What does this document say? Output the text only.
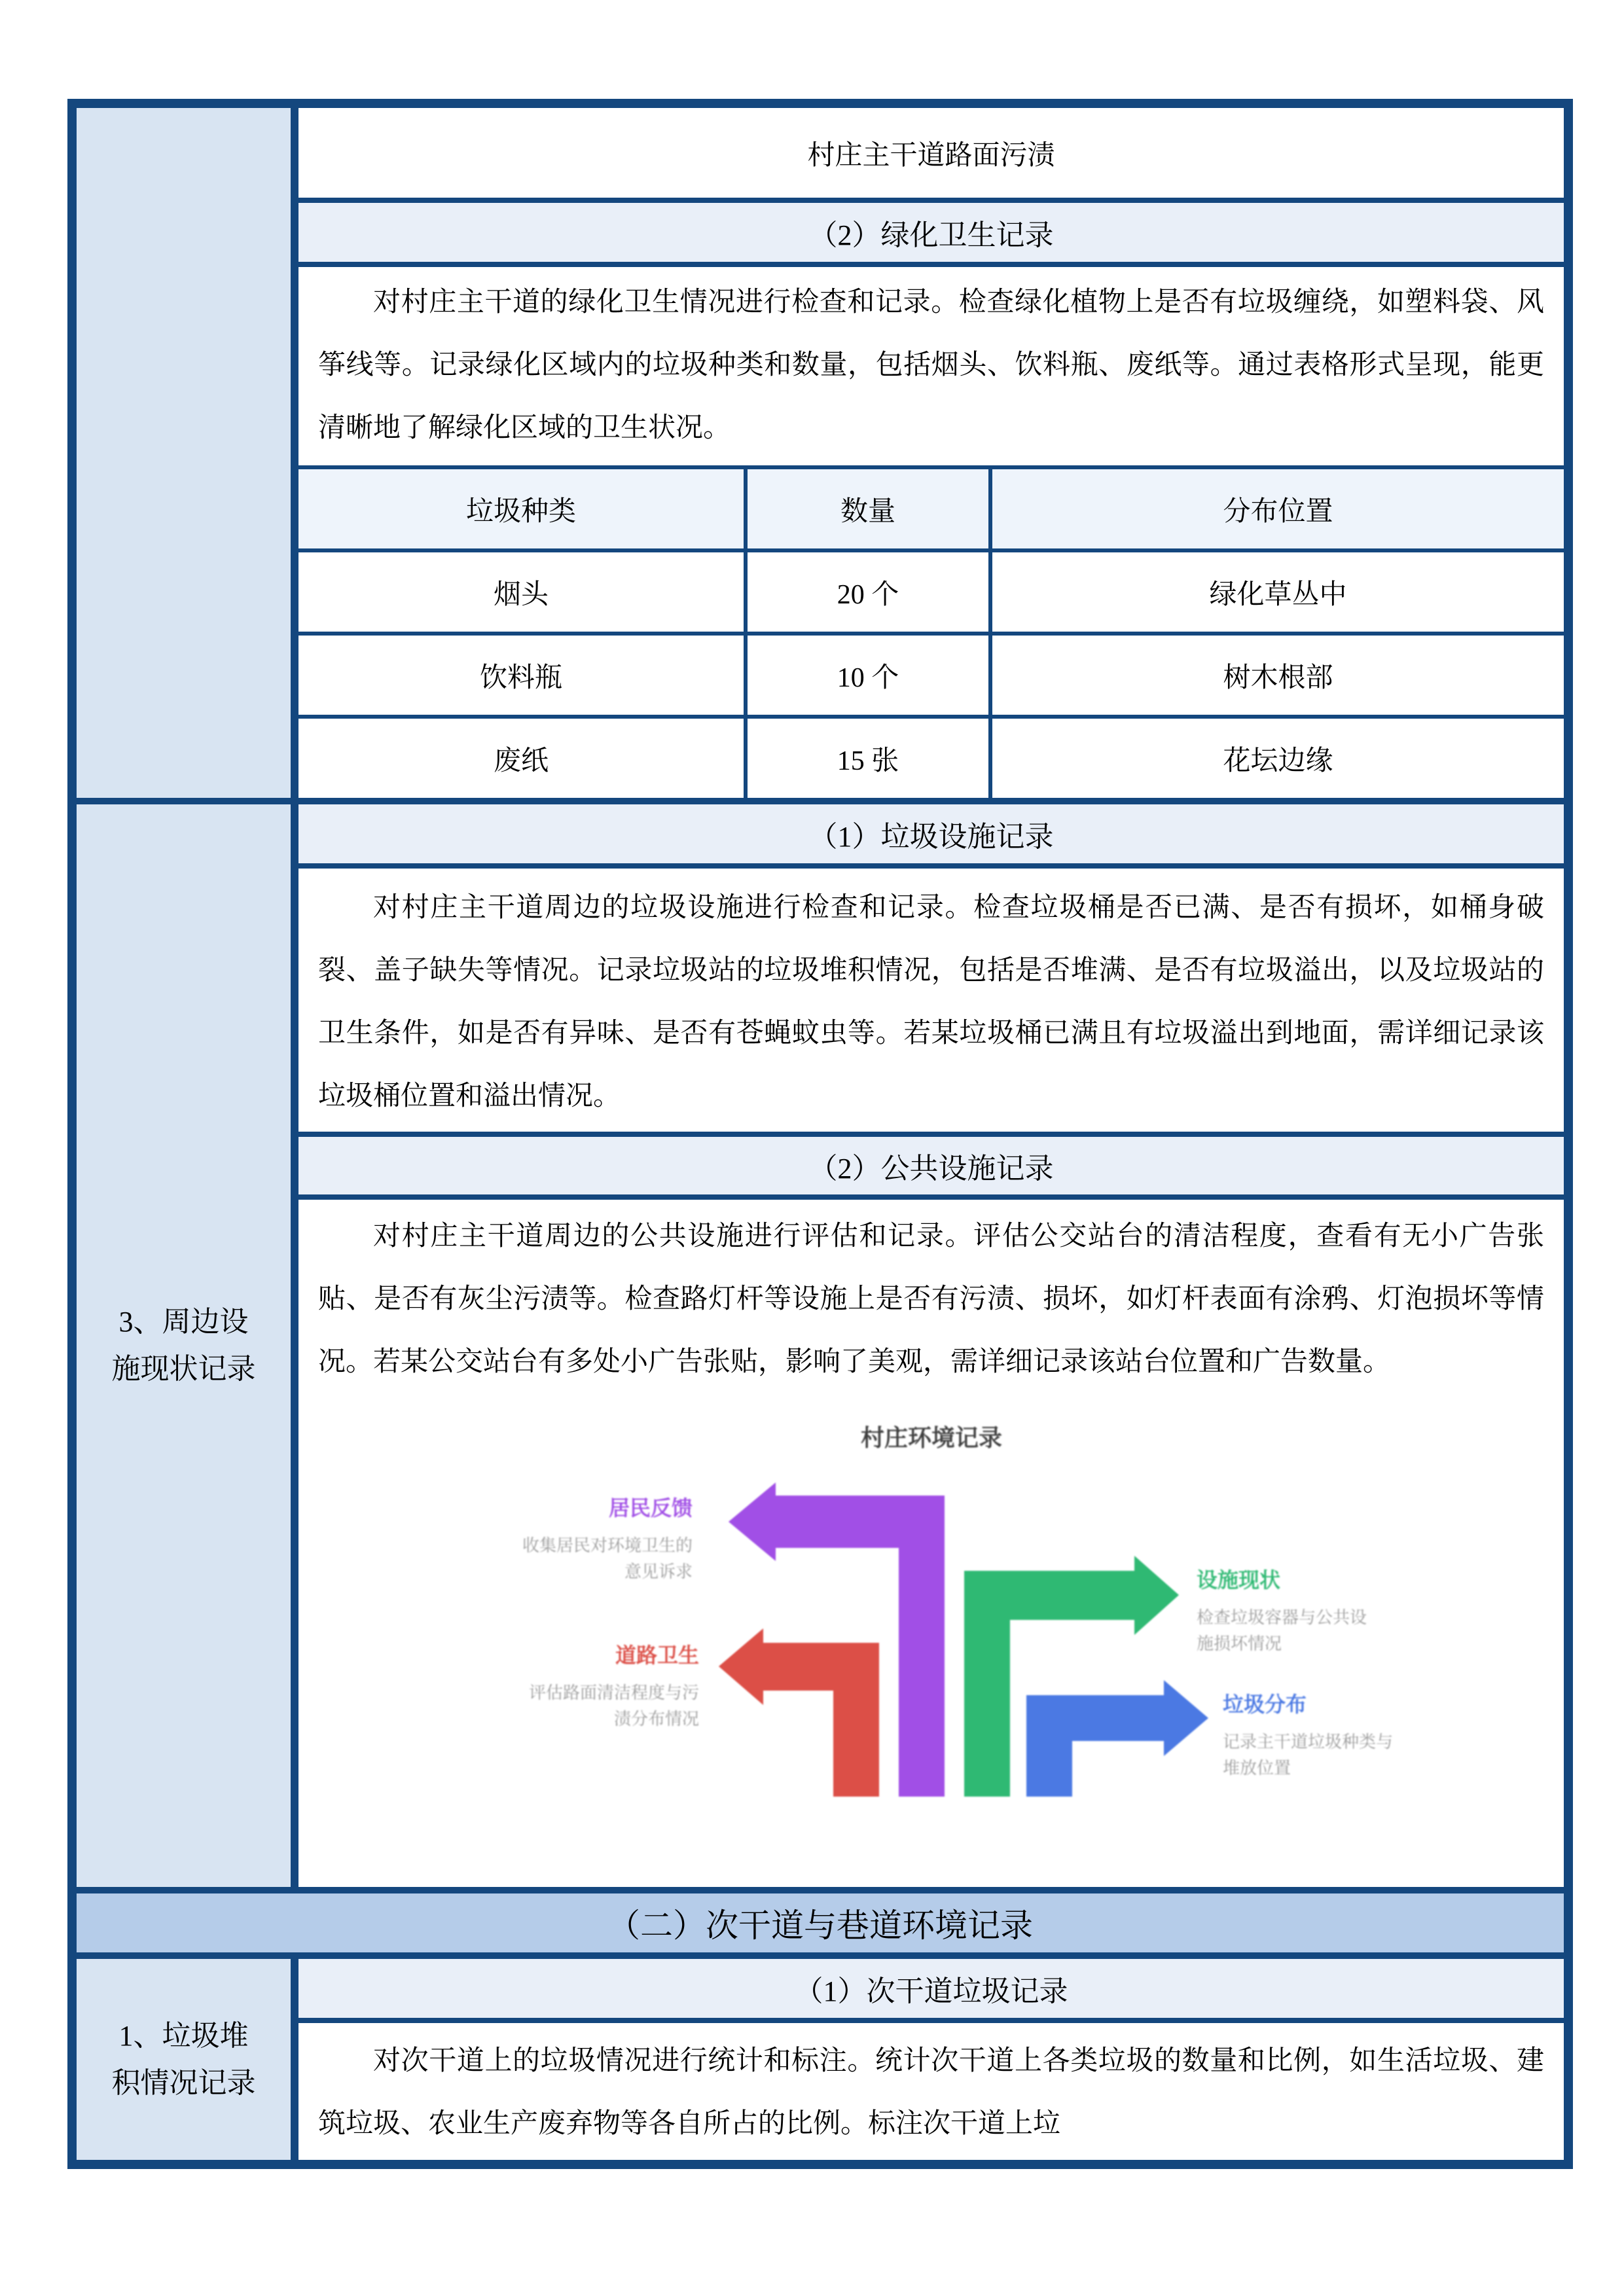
村庄主干道路面污渍
（2）绿化卫生记录

对村庄主干道的绿化卫生情况进行检查和记录。检查绿化植物上是否有垃圾缠绕，如塑料袋、风筝线等。记录绿化区域内的垃圾种类和数量，包括烟头、饮料瓶、废纸等。通过表格形式呈现，能更清晰地了解绿化区域的卫生状况。

垃圾种类	数量	分布位置
烟头	20 个	绿化草丛中
饮料瓶	10 个	树木根部
废纸	15 张	花坛边缘
3、周边设
施现状记录
（1）垃圾设施记录

对村庄主干道周边的垃圾设施进行检查和记录。检查垃圾桶是否已满、是否有损坏，如桶身破裂、盖子缺失等情况。记录垃圾站的垃圾堆积情况，包括是否堆满、是否有垃圾溢出，以及垃圾站的卫生条件，如是否有异味、是否有苍蝇蚊虫等。若某垃圾桶已满且有垃圾溢出到地面，需详细记录该垃圾桶位置和溢出情况。

（2）公共设施记录

对村庄主干道周边的公共设施进行评估和记录。评估公交站台的清洁程度，查看有无小广告张贴、是否有灰尘污渍等。检查路灯杆等设施上是否有污渍、损坏，如灯杆表面有涂鸦、灯泡损坏等情况。若某公交站台有多处小广告张贴，影响了美观，需详细记录该站台位置和广告数量。

村庄环境记录
居民反馈
收集居民对环境卫生的
意见诉求
道路卫生
评估路面清洁程度与污
渍分布情况
设施现状
检查垃圾容器与公共设
施损坏情况
垃圾分布
记录主干道垃圾种类与
堆放位置
（二）次干道与巷道环境记录
1、垃圾堆
积情况记录
（1）次干道垃圾记录

对次干道上的垃圾情况进行统计和标注。统计次干道上各类垃圾的数量和比例，如生活垃圾、建筑垃圾、农业生产废弃物等各自所占的比例。标注次干道上垃
